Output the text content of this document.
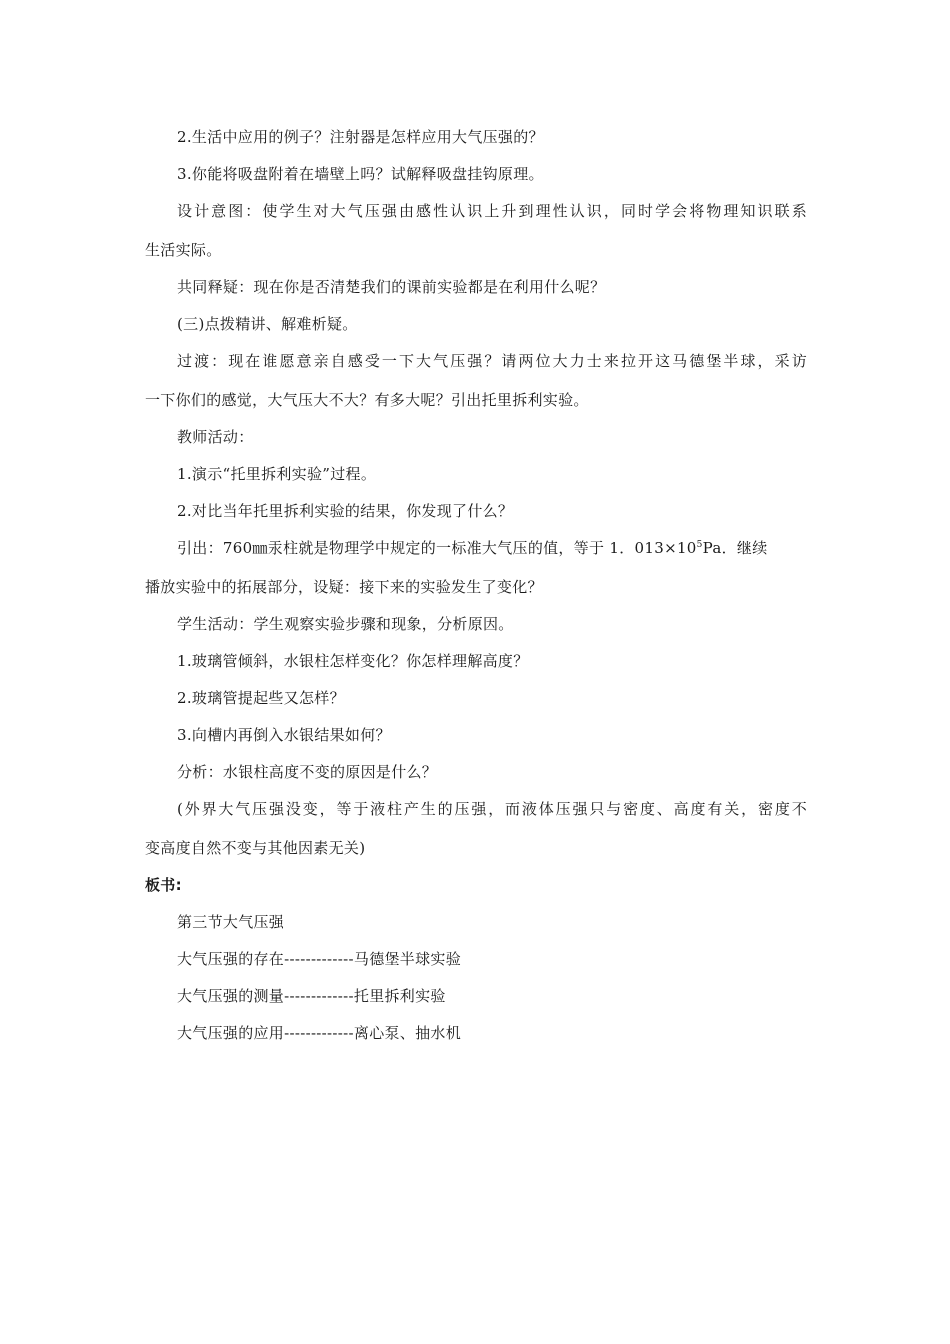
2.生活中应用的例子？注射器是怎样应用大气压强的？
3.你能将吸盘附着在墙壁上吗？试解释吸盘挂钩原理。
设计意图：使学生对大气压强由感性认识上升到理性认识，同时学会将物理知识联系
生活实际。
共同释疑：现在你是否清楚我们的课前实验都是在利用什么呢？
(三)点拨精讲、解难析疑。
过渡：现在谁愿意亲自感受一下大气压强？请两位大力士来拉开这马德堡半球，采访
一下你们的感觉，大气压大不大？有多大呢？引出托里拆利实验。
教师活动：
1.演示“托里拆利实验”过程。
2.对比当年托里拆利实验的结果，你发现了什么？
引出：760㎜汞柱就是物理学中规定的一标准大气压的值，等于 1．$013\times 10^5Pa$．继续
播放实验中的拓展部分，设疑：接下来的实验发生了变化？
学生活动：学生观察实验步骤和现象，分析原因。
1.玻璃管倾斜，水银柱怎样变化？你怎样理解高度？
2.玻璃管提起些又怎样？
3.向槽内再倒入水银结果如何？
分析：水银柱高度不变的原因是什么？
(外界大气压强没变，等于液柱产生的压强，而液体压强只与密度、高度有关，密度不
变高度自然不变与其他因素无关)
板书:
第三节大气压强
大气压强的存在-------------马德堡半球实验
大气压强的测量-------------托里拆利实验
大气压强的应用-------------离心泵、抽水机
